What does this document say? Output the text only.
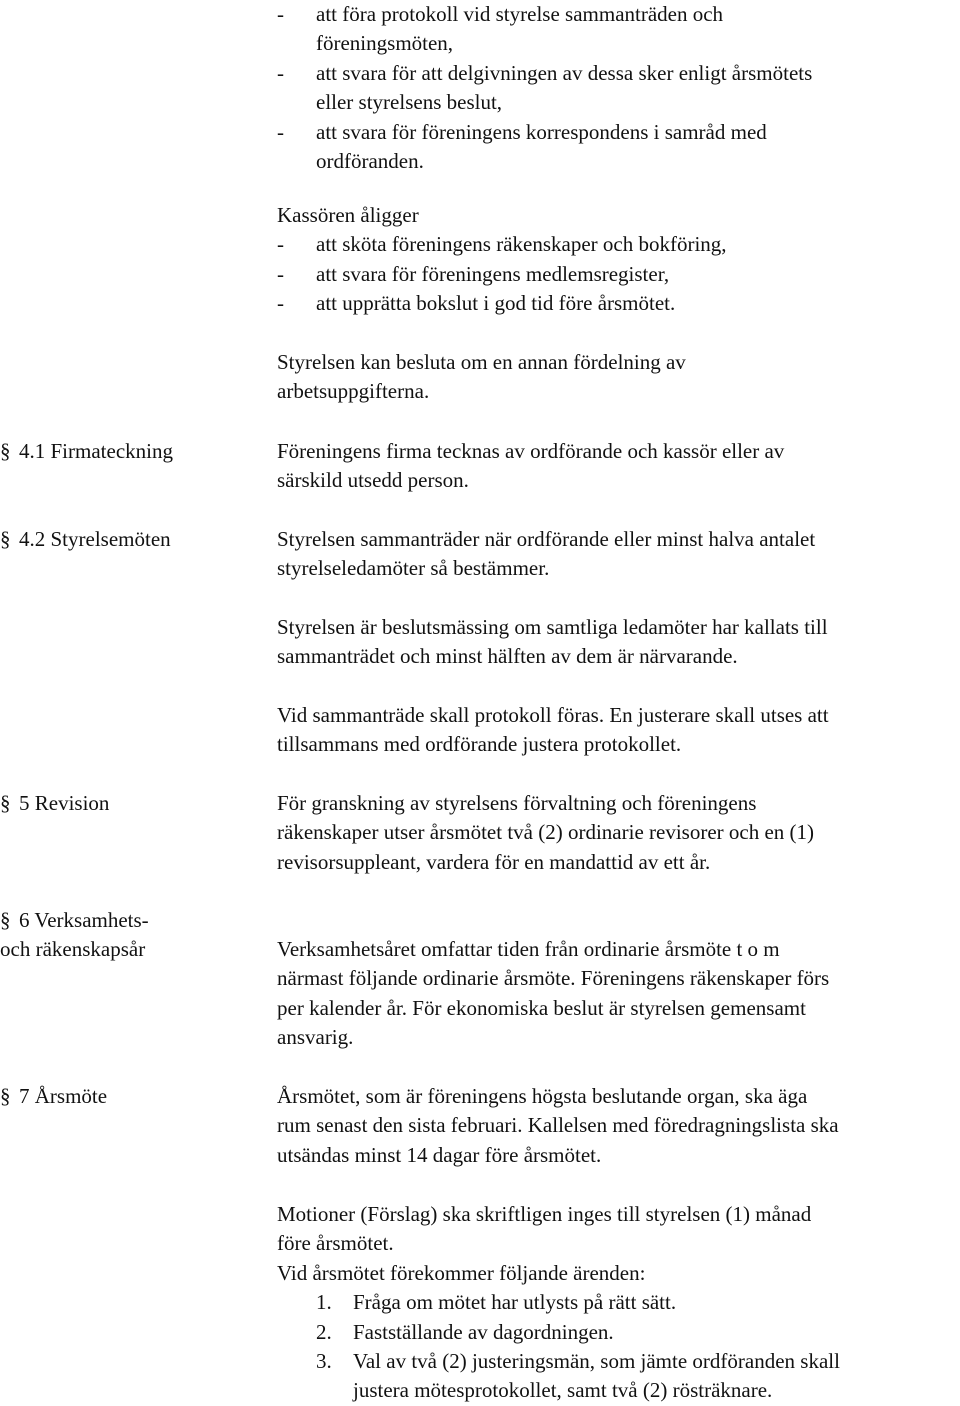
-	att föra protokoll vid styrelse sammanträden och
föreningsmöten,
-	att svara för att delgivningen av dessa sker enligt årsmötets
eller styrelsens beslut,
-	att svara för föreningens korrespondens i samråd med
ordföranden.
Kassören åligger
-	att sköta föreningens räkenskaper och bokföring,
-	att svara för föreningens medlemsregister,
-	att upprätta bokslut i god tid före årsmötet.
Styrelsen kan besluta om en annan fördelning av
arbetsuppgifterna.
§ 4.1 Firmateckning	Föreningens firma tecknas av ordförande och kassör eller av
särskild utsedd person.
§ 4.2 Styrelsemöten	Styrelsen sammanträder när ordförande eller minst halva antalet
styrelseledamöter så bestämmer.
Styrelsen är beslutsmässing om samtliga ledamöter har kallats till
sammanträdet och minst hälften av dem är närvarande.
Vid sammanträde skall protokoll föras. En justerare skall utses att
tillsammans med ordförande justera protokollet.
§ 5 Revision	För granskning av styrelsens förvaltning och föreningens
räkenskaper utser årsmötet två (2) ordinarie revisorer och en (1)
revisorsuppleant, vardera för en mandattid av ett år.
§ 6 Verksamhets-
och räkenskapsår	Verksamhetsåret omfattar tiden från ordinarie årsmöte t o m
närmast följande ordinarie årsmöte. Föreningens räkenskaper förs
per kalender år. För ekonomiska beslut är styrelsen gemensamt
ansvarig.
§ 7 Årsmöte	Årsmötet, som är föreningens högsta beslutande organ, ska äga
rum senast den sista februari. Kallelsen med föredragningslista ska
utsändas minst 14 dagar före årsmötet.
Motioner (Förslag) ska skriftligen inges till styrelsen (1) månad
före årsmötet.
Vid årsmötet förekommer följande ärenden:
1.	Fråga om mötet har utlysts på rätt sätt.
2.	Fastställande av dagordningen.
3.	Val av två (2) justeringsmän, som jämte ordföranden skall
justera mötesprotokollet, samt två (2) rösträknare.
